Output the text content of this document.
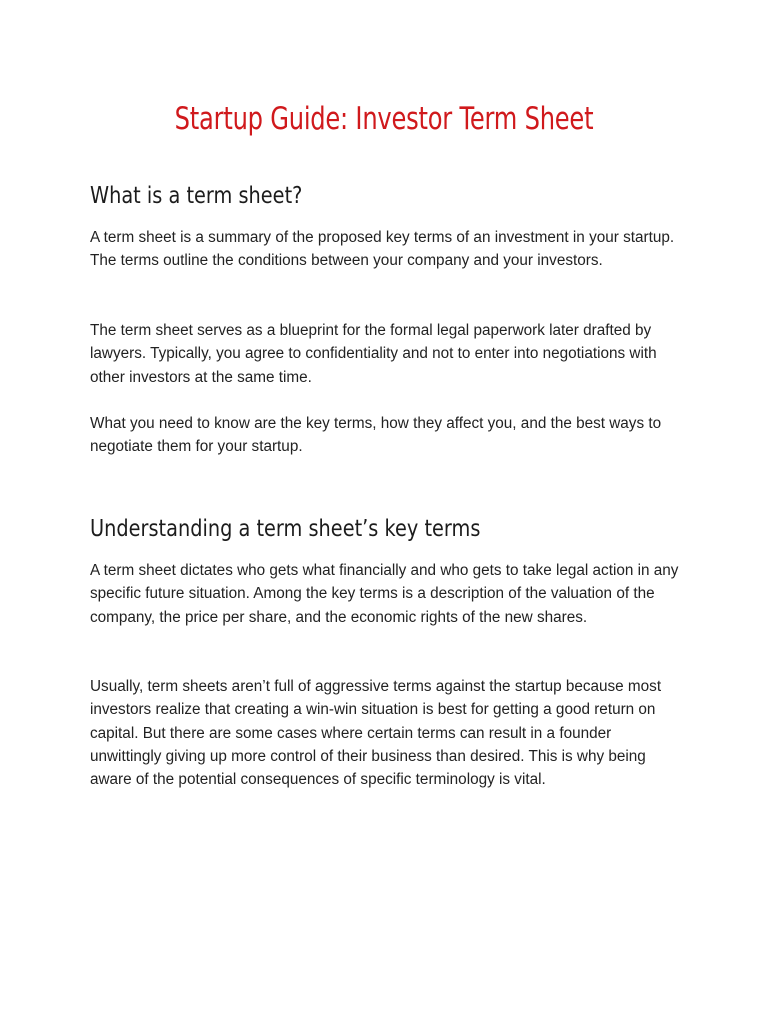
Startup Guide: Investor Term Sheet
What is a term sheet?

A term sheet is a summary of the proposed key terms of an investment in your startup. The terms outline the conditions between your company and your investors.

The term sheet serves as a blueprint for the formal legal paperwork later drafted by lawyers. Typically, you agree to confidentiality and not to enter into negotiations with other investors at the same time.

What you need to know are the key terms, how they affect you, and the best ways to negotiate them for your startup.

Understanding a term sheet’s key terms

A term sheet dictates who gets what financially and who gets to take legal action in any specific future situation. Among the key terms is a description of the valuation of the company, the price per share, and the economic rights of the new shares.

Usually, term sheets aren’t full of aggressive terms against the startup because most investors realize that creating a win-win situation is best for getting a good return on capital. But there are some cases where certain terms can result in a founder unwittingly giving up more control of their business than desired. This is why being aware of the potential consequences of specific terminology is vital.
